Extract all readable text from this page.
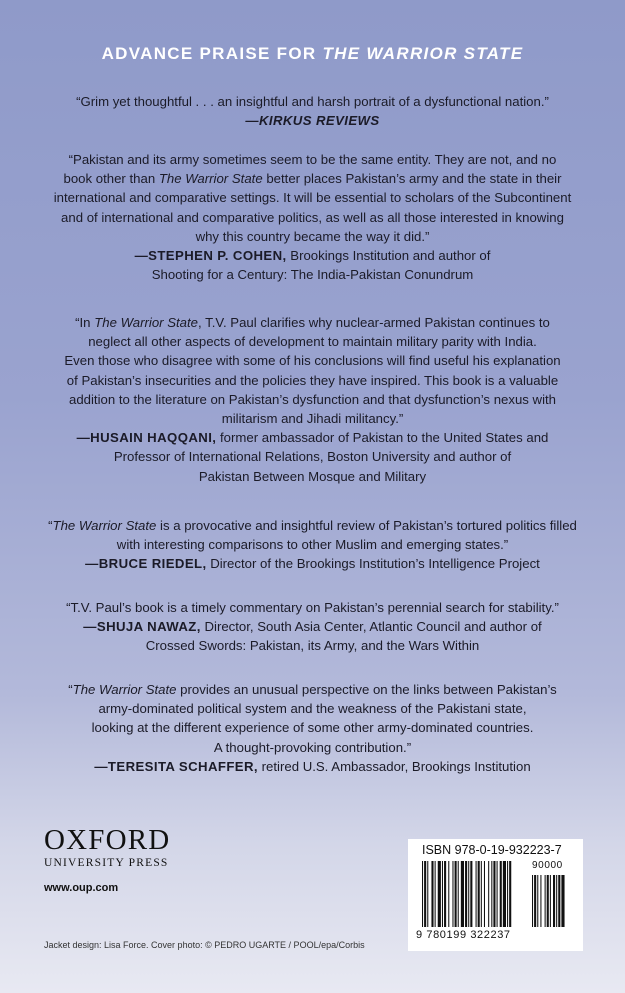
ADVANCE PRAISE FOR THE WARRIOR STATE
“Grim yet thoughtful . . . an insightful and harsh portrait of a dysfunctional nation.”
—KIRKUS REVIEWS
“Pakistan and its army sometimes seem to be the same entity. They are not, and no
book other than The Warrior State better places Pakistan’s army and the state in their
international and comparative settings. It will be essential to scholars of the Subcontinent
and of international and comparative politics, as well as all those interested in knowing
why this country became the way it did.”
—STEPHEN P. COHEN, Brookings Institution and author of
Shooting for a Century: The India-Pakistan Conundrum
“In The Warrior State, T.V. Paul clarifies why nuclear-armed Pakistan continues to
neglect all other aspects of development to maintain military parity with India.
Even those who disagree with some of his conclusions will find useful his explanation
of Pakistan’s insecurities and the policies they have inspired. This book is a valuable
addition to the literature on Pakistan’s dysfunction and that dysfunction’s nexus with
militarism and Jihadi militancy.”
—HUSAIN HAQQANI, former ambassador of Pakistan to the United States and
Professor of International Relations, Boston University and author of
Pakistan Between Mosque and Military
“The Warrior State is a provocative and insightful review of Pakistan’s tortured politics filled
with interesting comparisons to other Muslim and emerging states.”
—BRUCE RIEDEL, Director of the Brookings Institution’s Intelligence Project
“T.V. Paul’s book is a timely commentary on Pakistan’s perennial search for stability.”
—SHUJA NAWAZ, Director, South Asia Center, Atlantic Council and author of
Crossed Swords: Pakistan, its Army, and the Wars Within
“The Warrior State provides an unusual perspective on the links between Pakistan’s
army-dominated political system and the weakness of the Pakistani state,
looking at the different experience of some other army-dominated countries.
A thought-provoking contribution.”
—TERESITA SCHAFFER, retired U.S. Ambassador, Brookings Institution
OXFORD
UNIVERSITY PRESS
www.oup.com
Jacket design: Lisa Force. Cover photo: © PEDRO UGARTE / POOL/epa/Corbis
ISBN 978-0-19-932223-7
90000
9 780199 322237
